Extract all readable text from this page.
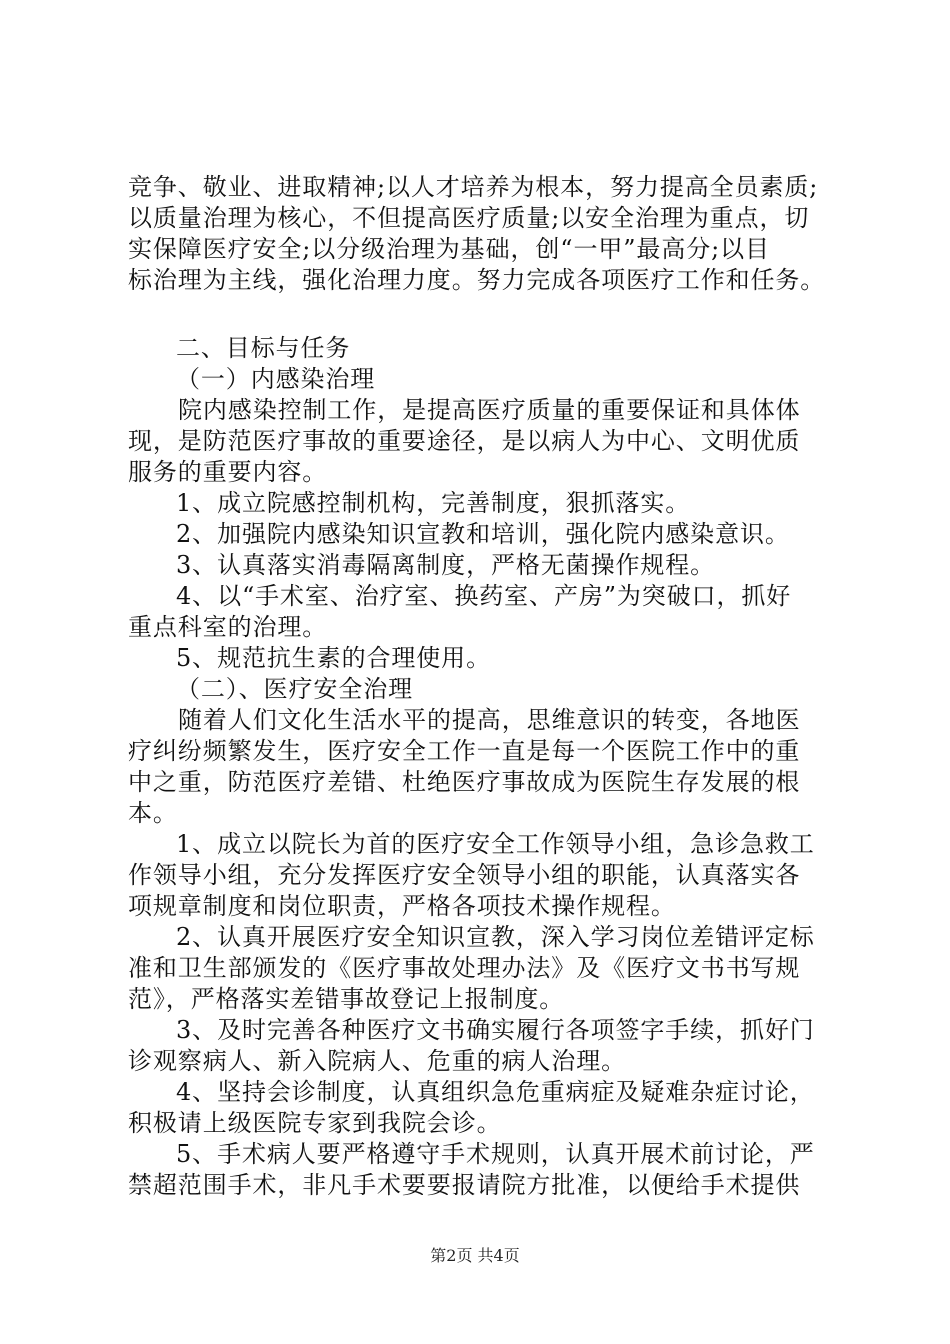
竞争、敬业、进取精神;以人才培养为根本，努力提高全员素质;
以质量治理为核心，不但提高医疗质量;以安全治理为重点，切
实保障医疗安全;以分级治理为基础，创“一甲”最高分;以目
标治理为主线，强化治理力度。努力完成各项医疗工作和任务。
二、目标与任务
（一）内感染治理
院内感染控制工作，是提高医疗质量的重要保证和具体体
现，是防范医疗事故的重要途径，是以病人为中心、文明优质
服务的重要内容。
1、成立院感控制机构，完善制度，狠抓落实。
2、加强院内感染知识宣教和培训，强化院内感染意识。
3、认真落实消毒隔离制度，严格无菌操作规程。
4、以“手术室、治疗室、换药室、产房”为突破口，抓好
重点科室的治理。
5、规范抗生素的合理使用。
（二）、医疗安全治理
随着人们文化生活水平的提高，思维意识的转变，各地医
疗纠纷频繁发生，医疗安全工作一直是每一个医院工作中的重
中之重，防范医疗差错、杜绝医疗事故成为医院生存发展的根
本。
1、成立以院长为首的医疗安全工作领导小组，急诊急救工
作领导小组，充分发挥医疗安全领导小组的职能，认真落实各
项规章制度和岗位职责，严格各项技术操作规程。
2、认真开展医疗安全知识宣教，深入学习岗位差错评定标
准和卫生部颁发的《医疗事故处理办法》及《医疗文书书写规
范》，严格落实差错事故登记上报制度。
3、及时完善各种医疗文书确实履行各项签字手续，抓好门
诊观察病人、新入院病人、危重的病人治理。
4、坚持会诊制度，认真组织急危重病症及疑难杂症讨论，
积极请上级医院专家到我院会诊。
5、手术病人要严格遵守手术规则，认真开展术前讨论，严
禁超范围手术，非凡手术要要报请院方批准，以便给手术提供
第2页 共4页
